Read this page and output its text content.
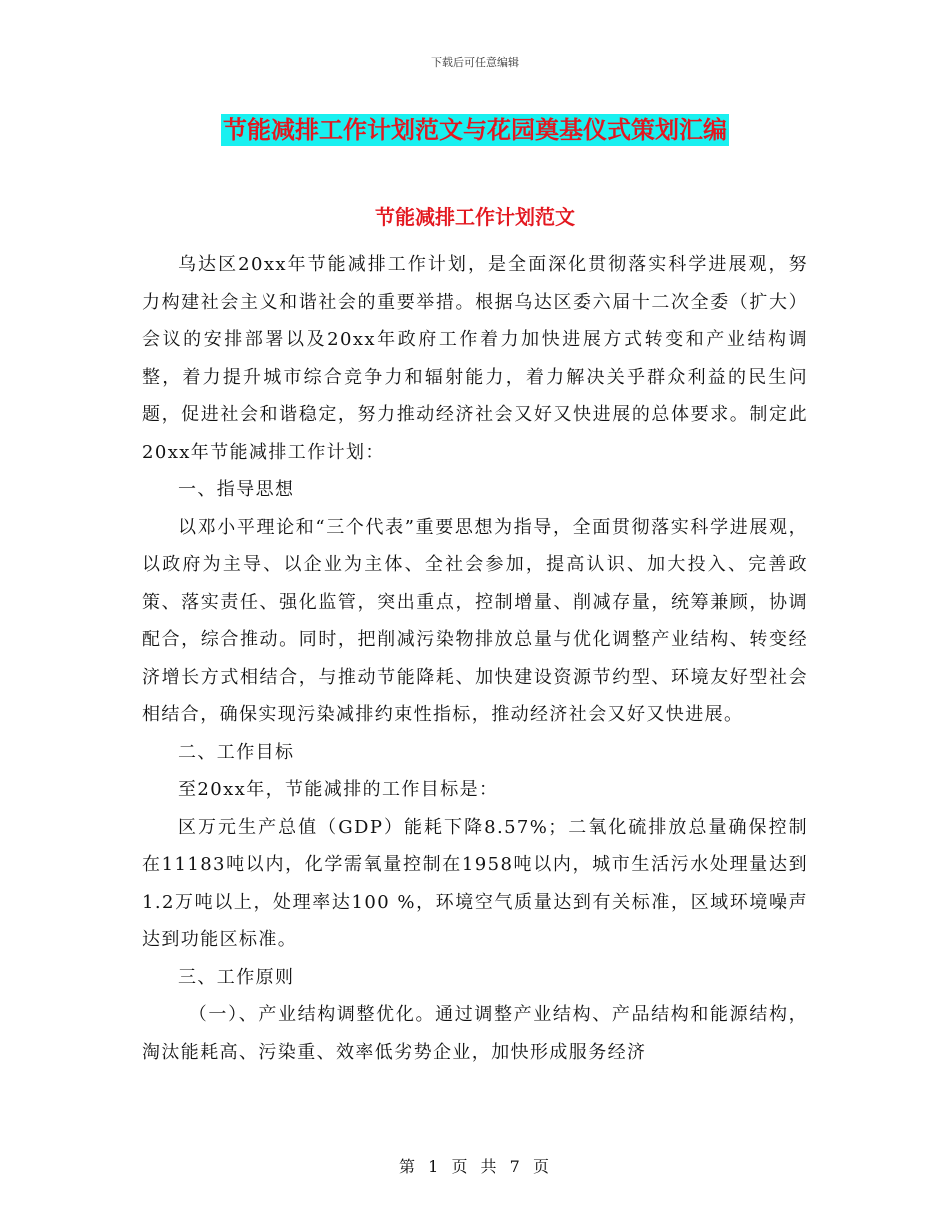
下载后可任意编辑
节能减排工作计划范文与花园奠基仪式策划汇编
节能减排工作计划范文

乌达区20xx年节能减排工作计划，是全面深化贯彻落实科学进展观，努力构建社会主义和谐社会的重要举措。根据乌达区委六届十二次全委（扩大）会议的安排部署以及20xx年政府工作着力加快进展方式转变和产业结构调整，着力提升城市综合竞争力和辐射能力，着力解决关乎群众利益的民生问题，促进社会和谐稳定，努力推动经济社会又好又快进展的总体要求。制定此20xx年节能减排工作计划：

一、指导思想

以邓小平理论和“三个代表”重要思想为指导，全面贯彻落实科学进展观，以政府为主导、以企业为主体、全社会参加，提高认识、加大投入、完善政策、落实责任、强化监管，突出重点，控制增量、削减存量，统筹兼顾，协调配合，综合推动。同时，把削减污染物排放总量与优化调整产业结构、转变经济增长方式相结合，与推动节能降耗、加快建设资源节约型、环境友好型社会相结合，确保实现污染减排约束性指标，推动经济社会又好又快进展。

二、工作目标

至20xx年，节能减排的工作目标是：

区万元生产总值（GDP）能耗下降8.57%；二氧化硫排放总量确保控制在11183吨以内，化学需氧量控制在1958吨以内，城市生活污水处理量达到1.2万吨以上，处理率达100 %，环境空气质量达到有关标准，区域环境噪声达到功能区标准。

三、工作原则

（一）、产业结构调整优化。通过调整产业结构、产品结构和能源结构，淘汰能耗高、污染重、效率低劣势企业，加快形成服务经济

第 1 页 共 7 页
